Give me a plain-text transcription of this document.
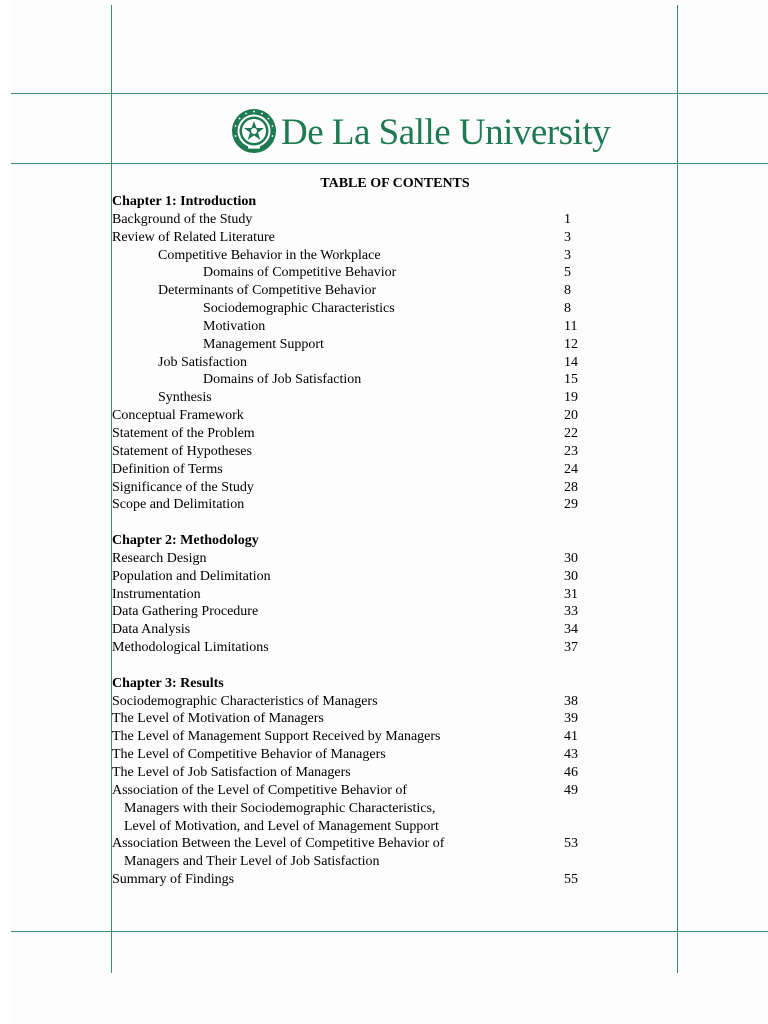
De La Salle University
TABLE OF CONTENTS
Chapter 1: Introduction
Background of the Study	1
Review of Related Literature	3
Competitive Behavior in the Workplace	3
Domains of Competitive Behavior	5
Determinants of Competitive Behavior	8
Sociodemographic Characteristics	8
Motivation	11
Management Support	12
Job Satisfaction	14
Domains of Job Satisfaction	15
Synthesis	19
Conceptual Framework	20
Statement of the Problem	22
Statement of Hypotheses	23
Definition of Terms	24
Significance of the Study	28
Scope and Delimitation	29
Chapter 2: Methodology
Research Design	30
Population and Delimitation	30
Instrumentation	31
Data Gathering Procedure	33
Data Analysis	34
Methodological Limitations	37
Chapter 3: Results
Sociodemographic Characteristics of Managers	38
The Level of Motivation of Managers	39
The Level of Management Support Received by Managers	41
The Level of Competitive Behavior of Managers	43
The Level of Job Satisfaction of Managers	46
Association of the Level of Competitive Behavior of	49
Managers with their Sociodemographic Characteristics,
Level of Motivation, and Level of Management Support
Association Between the Level of Competitive Behavior of	53
Managers and Their Level of Job Satisfaction
Summary of Findings	55
